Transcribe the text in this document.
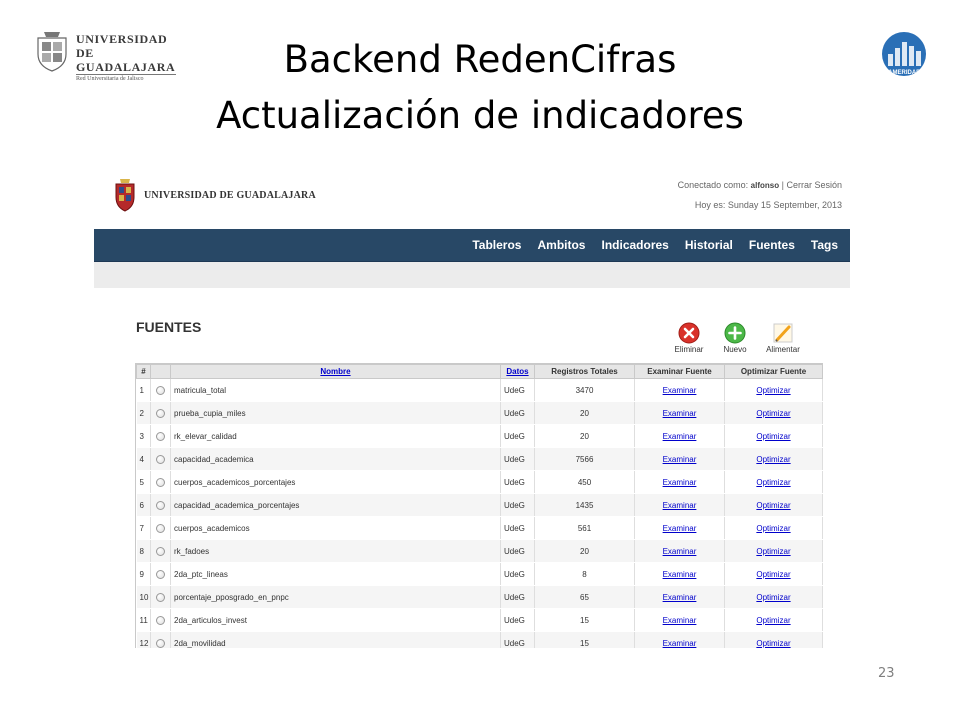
UNIVERSIDAD DE
GUADALAJARA
Red Universitaria de Jalisco	Backend RedenCifras
Actualización de indicadores
AMERIDAF
23
UNIVERSIDAD DE GUADALAJARA
Conectado como: alfonso | Cerrar Sesión
Hoy es: Sunday 15 September, 2013
Tableros Ambitos Indicadores Historial Fuentes Tags
FUENTES
Eliminar	Nuevo	Alimentar
#		Nombre	Datos	Registros Totales	Examinar Fuente	Optimizar Fuente
1		matricula_total	UdeG	3470	Examinar	Optimizar
2		prueba_cupia_miles	UdeG	20	Examinar	Optimizar
3		rk_elevar_calidad	UdeG	20	Examinar	Optimizar
4		capacidad_academica	UdeG	7566	Examinar	Optimizar
5		cuerpos_academicos_porcentajes	UdeG	450	Examinar	Optimizar
6		capacidad_academica_porcentajes	UdeG	1435	Examinar	Optimizar
7		cuerpos_academicos	UdeG	561	Examinar	Optimizar
8		rk_fadoes	UdeG	20	Examinar	Optimizar
9		2da_ptc_lineas	UdeG	8	Examinar	Optimizar
10		porcentaje_pposgrado_en_pnpc	UdeG	65	Examinar	Optimizar
11		2da_articulos_invest	UdeG	15	Examinar	Optimizar
12		2da_movilidad	UdeG	15	Examinar	Optimizar
